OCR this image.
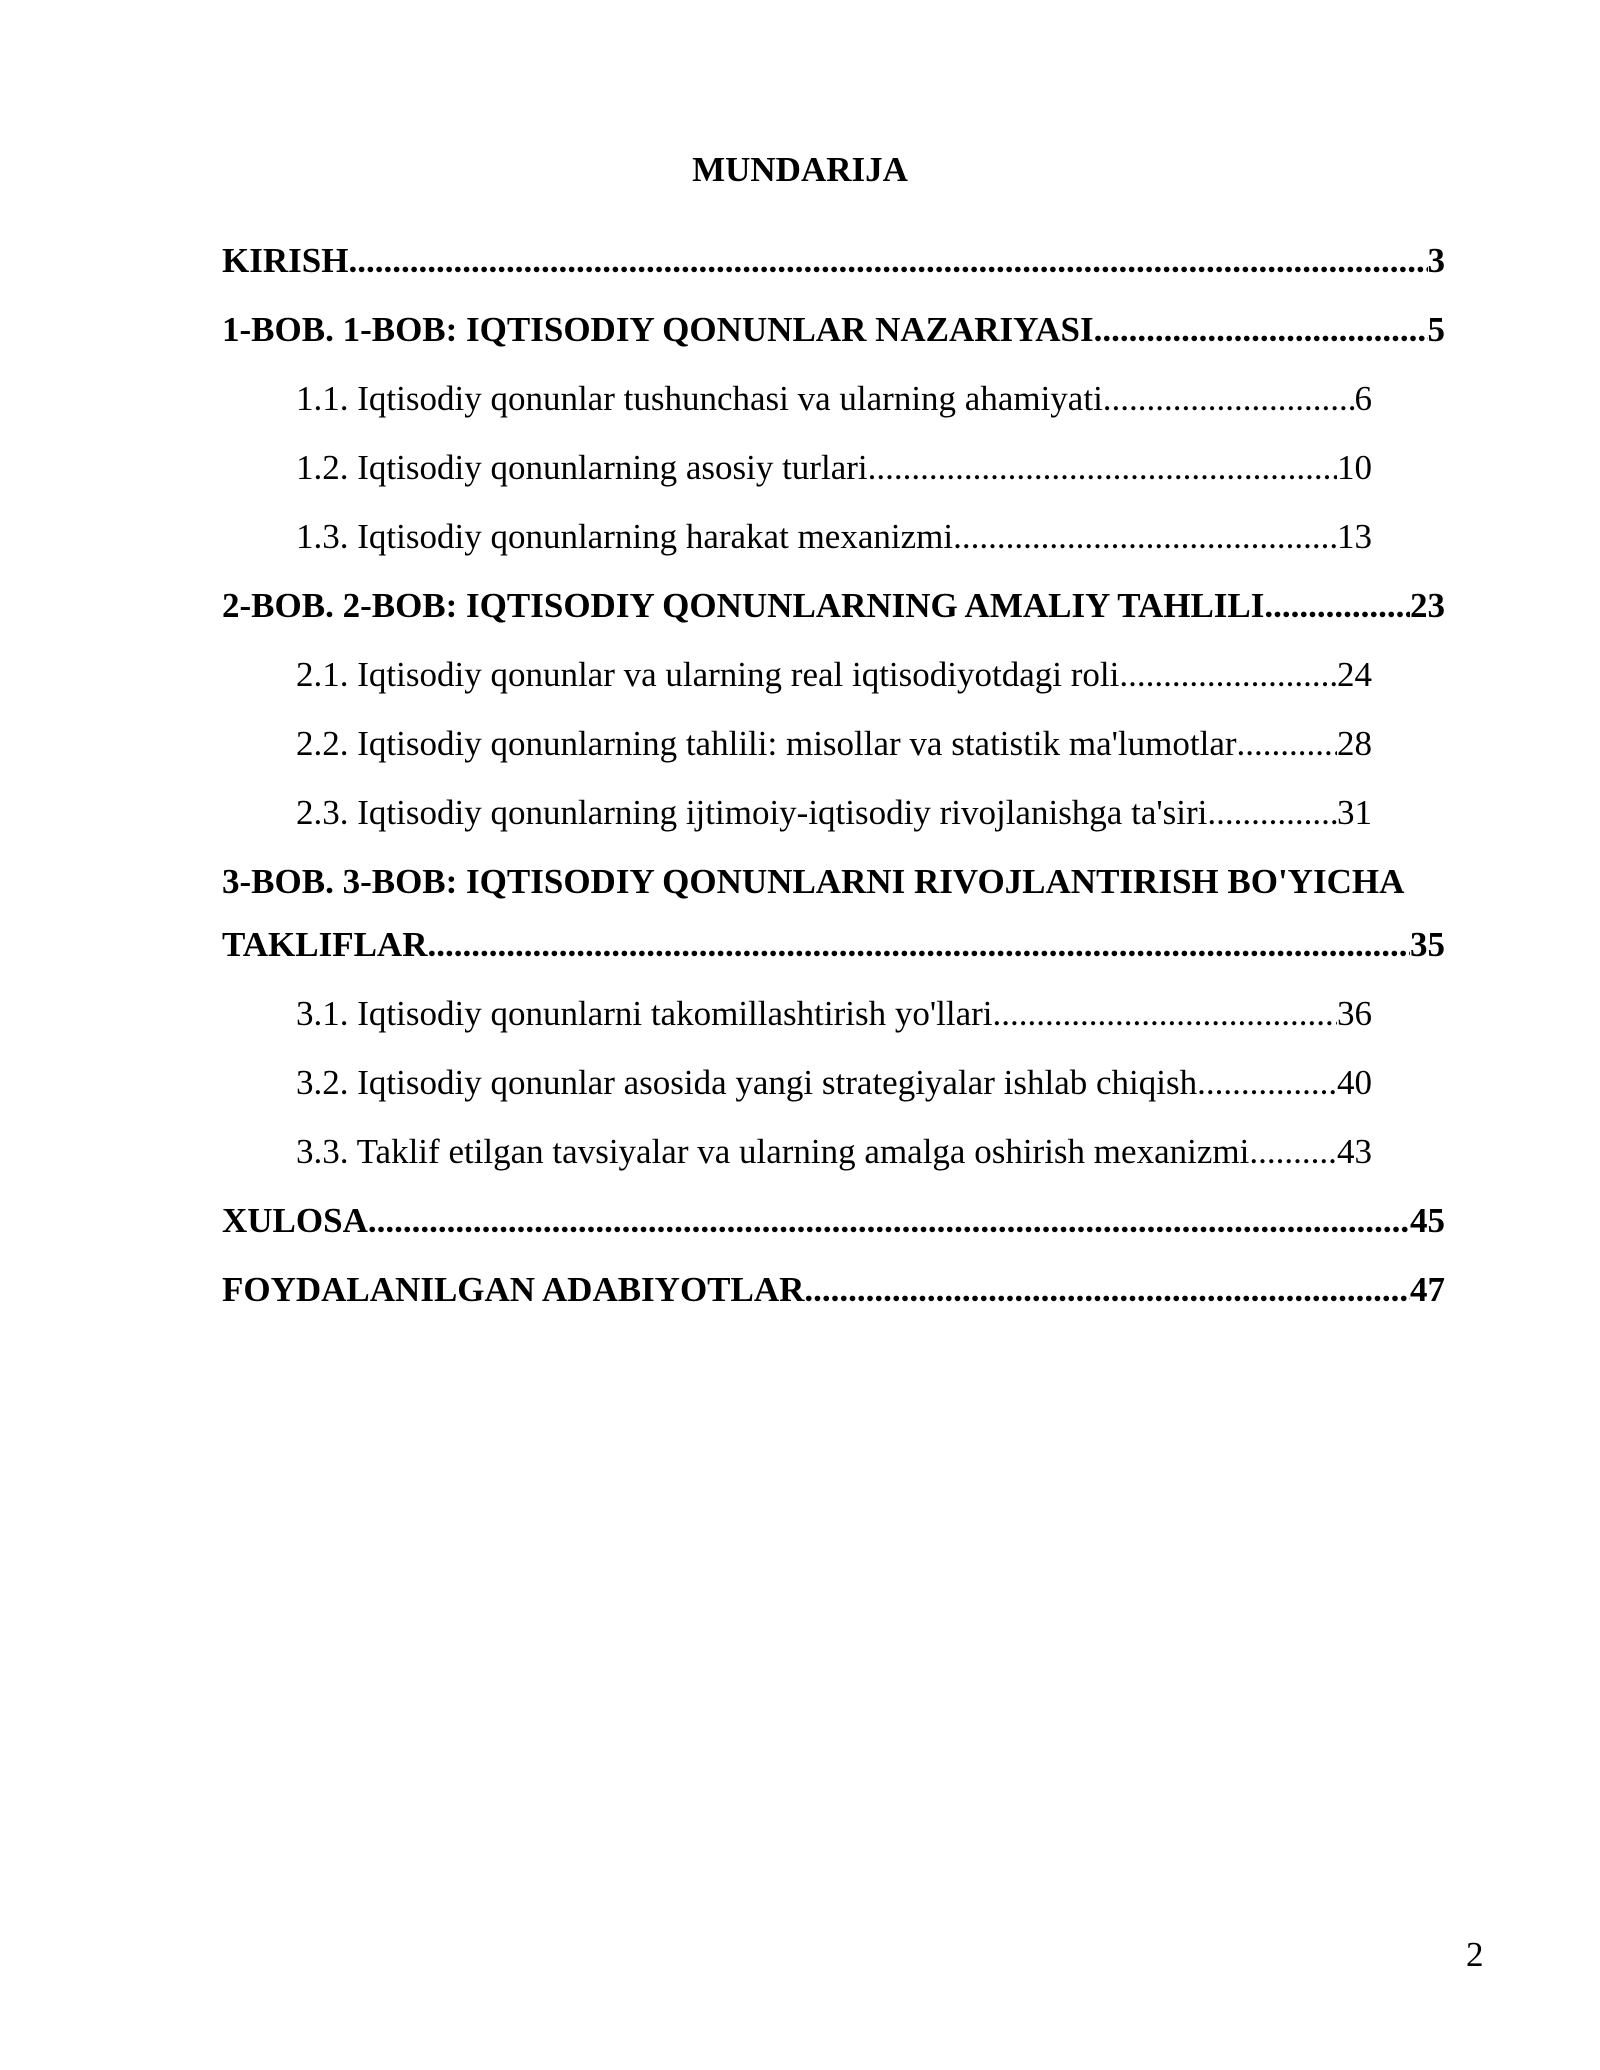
MUNDARIJA
KIRISH .....	3
1-BOB. 1-BOB: IQTISODIY QONUNLAR NAZARIYASI .....	5
1.1. Iqtisodiy qonunlar tushunchasi va ularning ahamiyati .....	6
1.2. Iqtisodiy qonunlarning asosiy turlari .....	10
1.3. Iqtisodiy qonunlarning harakat mexanizmi .....	13
2-BOB. 2-BOB: IQTISODIY QONUNLARNING AMALIY TAHLILI .....	23
2.1. Iqtisodiy qonunlar va ularning real iqtisodiyotdagi roli .....	24
2.2. Iqtisodiy qonunlarning tahlili: misollar va statistik ma'lumotlar .....	28
2.3. Iqtisodiy qonunlarning ijtimoiy-iqtisodiy rivojlanishga ta'siri .....	31
3-BOB. 3-BOB: IQTISODIY QONUNLARNI RIVOJLANTIRISH BO'YICHA
TAKLIFLAR .....	35
3.1. Iqtisodiy qonunlarni takomillashtirish yo'llari .....	36
3.2. Iqtisodiy qonunlar asosida yangi strategiyalar ishlab chiqish .....	40
3.3. Taklif etilgan tavsiyalar va ularning amalga oshirish mexanizmi .....	43
XULOSA .....	45
FOYDALANILGAN ADABIYOTLAR .....	47
2
